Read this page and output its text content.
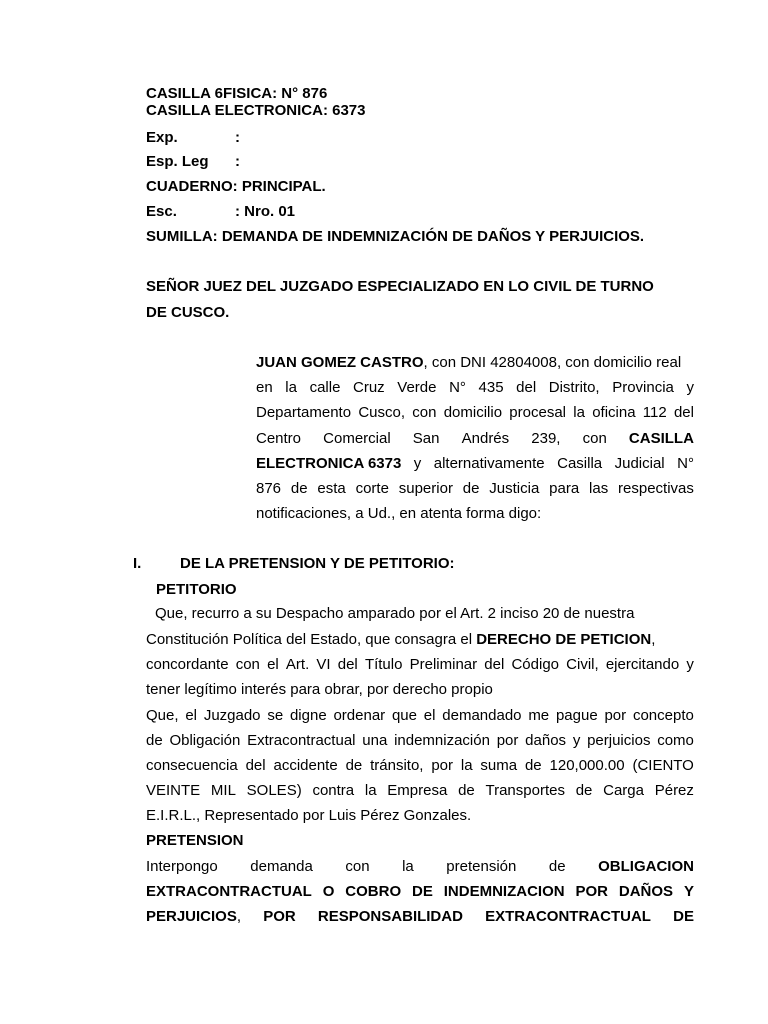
CASILLA 6FISICA: N° 876
CASILLA ELECTRONICA: 6373
Exp.	:
Esp. Leg :
CUADERNO: PRINCIPAL.
Esc.	: Nro. 01
SUMILLA: DEMANDA DE INDEMNIZACIÓN DE DAÑOS Y PERJUICIOS.
SEÑOR JUEZ DEL JUZGADO ESPECIALIZADO EN LO CIVIL DE TURNO
DE CUSCO.
JUAN GOMEZ CASTRO, con DNI 42804008, con domicilio real
en la calle Cruz Verde N° 435 del Distrito, Provincia y
Departamento Cusco, con domicilio procesal la oficina 112 del
Centro Comercial San Andrés 239, con CASILLA
ELECTRONICA 6373 y alternativamente Casilla Judicial N°
876 de esta corte superior de Justicia para las respectivas
notificaciones, a Ud., en atenta forma digo:
I.	DE LA PRETENSION Y DE PETITORIO:
PETITORIO
Que, recurro a su Despacho amparado por el Art. 2 inciso 20 de nuestra
Constitución Política del Estado, que consagra el DERECHO DE PETICION,
concordante con el Art. VI del Título Preliminar del Código Civil, ejercitando y
tener legítimo interés para obrar, por derecho propio
Que, el Juzgado se digne ordenar que el demandado me pague por concepto
de Obligación Extracontractual una indemnización por daños y perjuicios como
consecuencia del accidente de tránsito, por la suma de 120,000.00 (CIENTO
VEINTE MIL SOLES) contra la Empresa de Transportes de Carga Pérez
E.I.R.L., Representado por Luis Pérez Gonzales.
PRETENSION
Interpongo demanda con la pretensión de OBLIGACION
EXTRACONTRACTUAL O COBRO DE INDEMNIZACION POR DAÑOS Y
PERJUICIOS, POR RESPONSABILIDAD EXTRACONTRACTUAL DE
